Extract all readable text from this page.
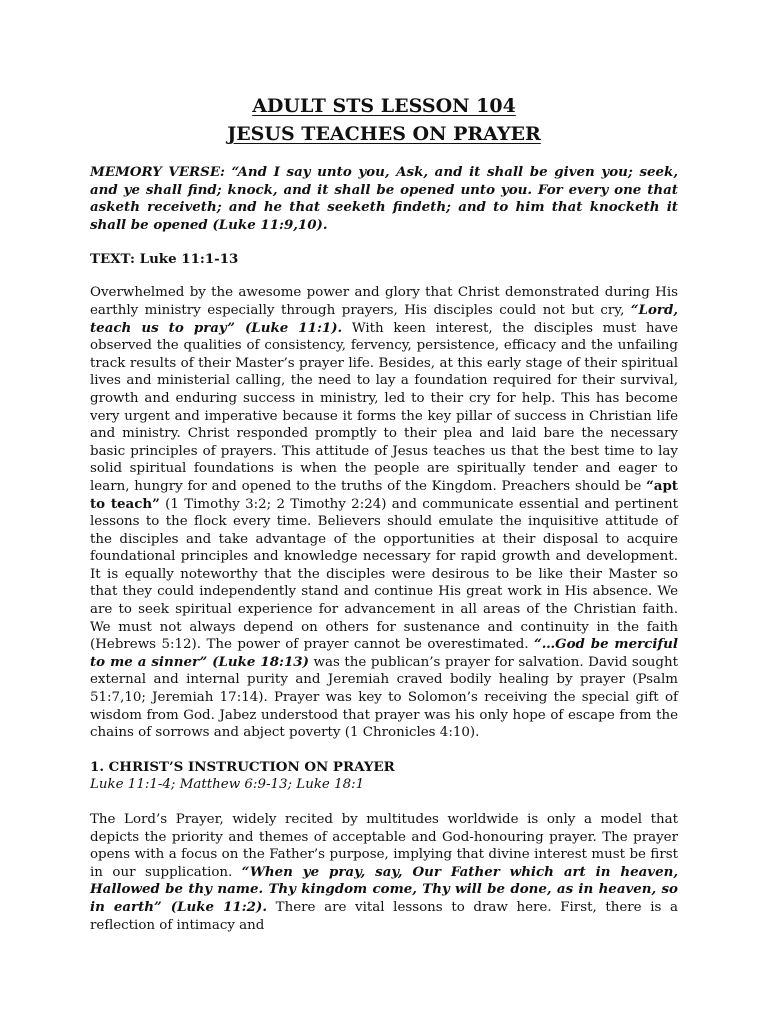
ADULT STS LESSON 104
JESUS TEACHES ON PRAYER

MEMORY VERSE: “And I say unto you, Ask, and it shall be given you; seek, and ye shall find; knock, and it shall be opened unto you. For every one that asketh receiveth; and he that seeketh findeth; and to him that knocketh it shall be opened (Luke 11:9,10).

TEXT: Luke 11:1-13

Overwhelmed by the awesome power and glory that Christ demonstrated during His earthly ministry especially through prayers, His disciples could not but cry, “Lord, teach us to pray” (Luke 11:1). With keen interest, the disciples must have observed the qualities of consistency, fervency, persistence, efficacy and the unfailing track results of their Master’s prayer life. Besides, at this early stage of their spiritual lives and ministerial calling, the need to lay a foundation required for their survival, growth and enduring success in ministry, led to their cry for help. This has become very urgent and imperative because it forms the key pillar of success in Christian life and ministry. Christ responded promptly to their plea and laid bare the necessary basic principles of prayers. This attitude of Jesus teaches us that the best time to lay solid spiritual foundations is when the people are spiritually tender and eager to learn, hungry for and opened to the truths of the Kingdom. Preachers should be “apt to teach” (1 Timothy 3:2; 2 Timothy 2:24) and communicate essential and pertinent lessons to the flock every time. Believers should emulate the inquisitive attitude of the disciples and take advantage of the opportunities at their disposal to acquire foundational principles and knowledge necessary for rapid growth and development. It is equally noteworthy that the disciples were desirous to be like their Master so that they could independently stand and continue His great work in His absence. We are to seek spiritual experience for advancement in all areas of the Christian faith. We must not always depend on others for sustenance and continuity in the faith (Hebrews 5:12). The power of prayer cannot be overestimated. “…God be merciful to me a sinner” (Luke 18:13) was the publican’s prayer for salvation. David sought external and internal purity and Jeremiah craved bodily healing by prayer (Psalm 51:7,10; Jeremiah 17:14). Prayer was key to Solomon’s receiving the special gift of wisdom from God. Jabez understood that prayer was his only hope of escape from the chains of sorrows and abject poverty (1 Chronicles 4:10).

1. CHRIST’S INSTRUCTION ON PRAYER
Luke 11:1-4; Matthew 6:9-13; Luke 18:1

The Lord’s Prayer, widely recited by multitudes worldwide is only a model that depicts the priority and themes of acceptable and God-honouring prayer. The prayer opens with a focus on the Father’s purpose, implying that divine interest must be first in our supplication. “When ye pray, say, Our Father which art in heaven, Hallowed be thy name. Thy kingdom come, Thy will be done, as in heaven, so in earth” (Luke 11:2). There are vital lessons to draw here. First, there is a reflection of intimacy and
